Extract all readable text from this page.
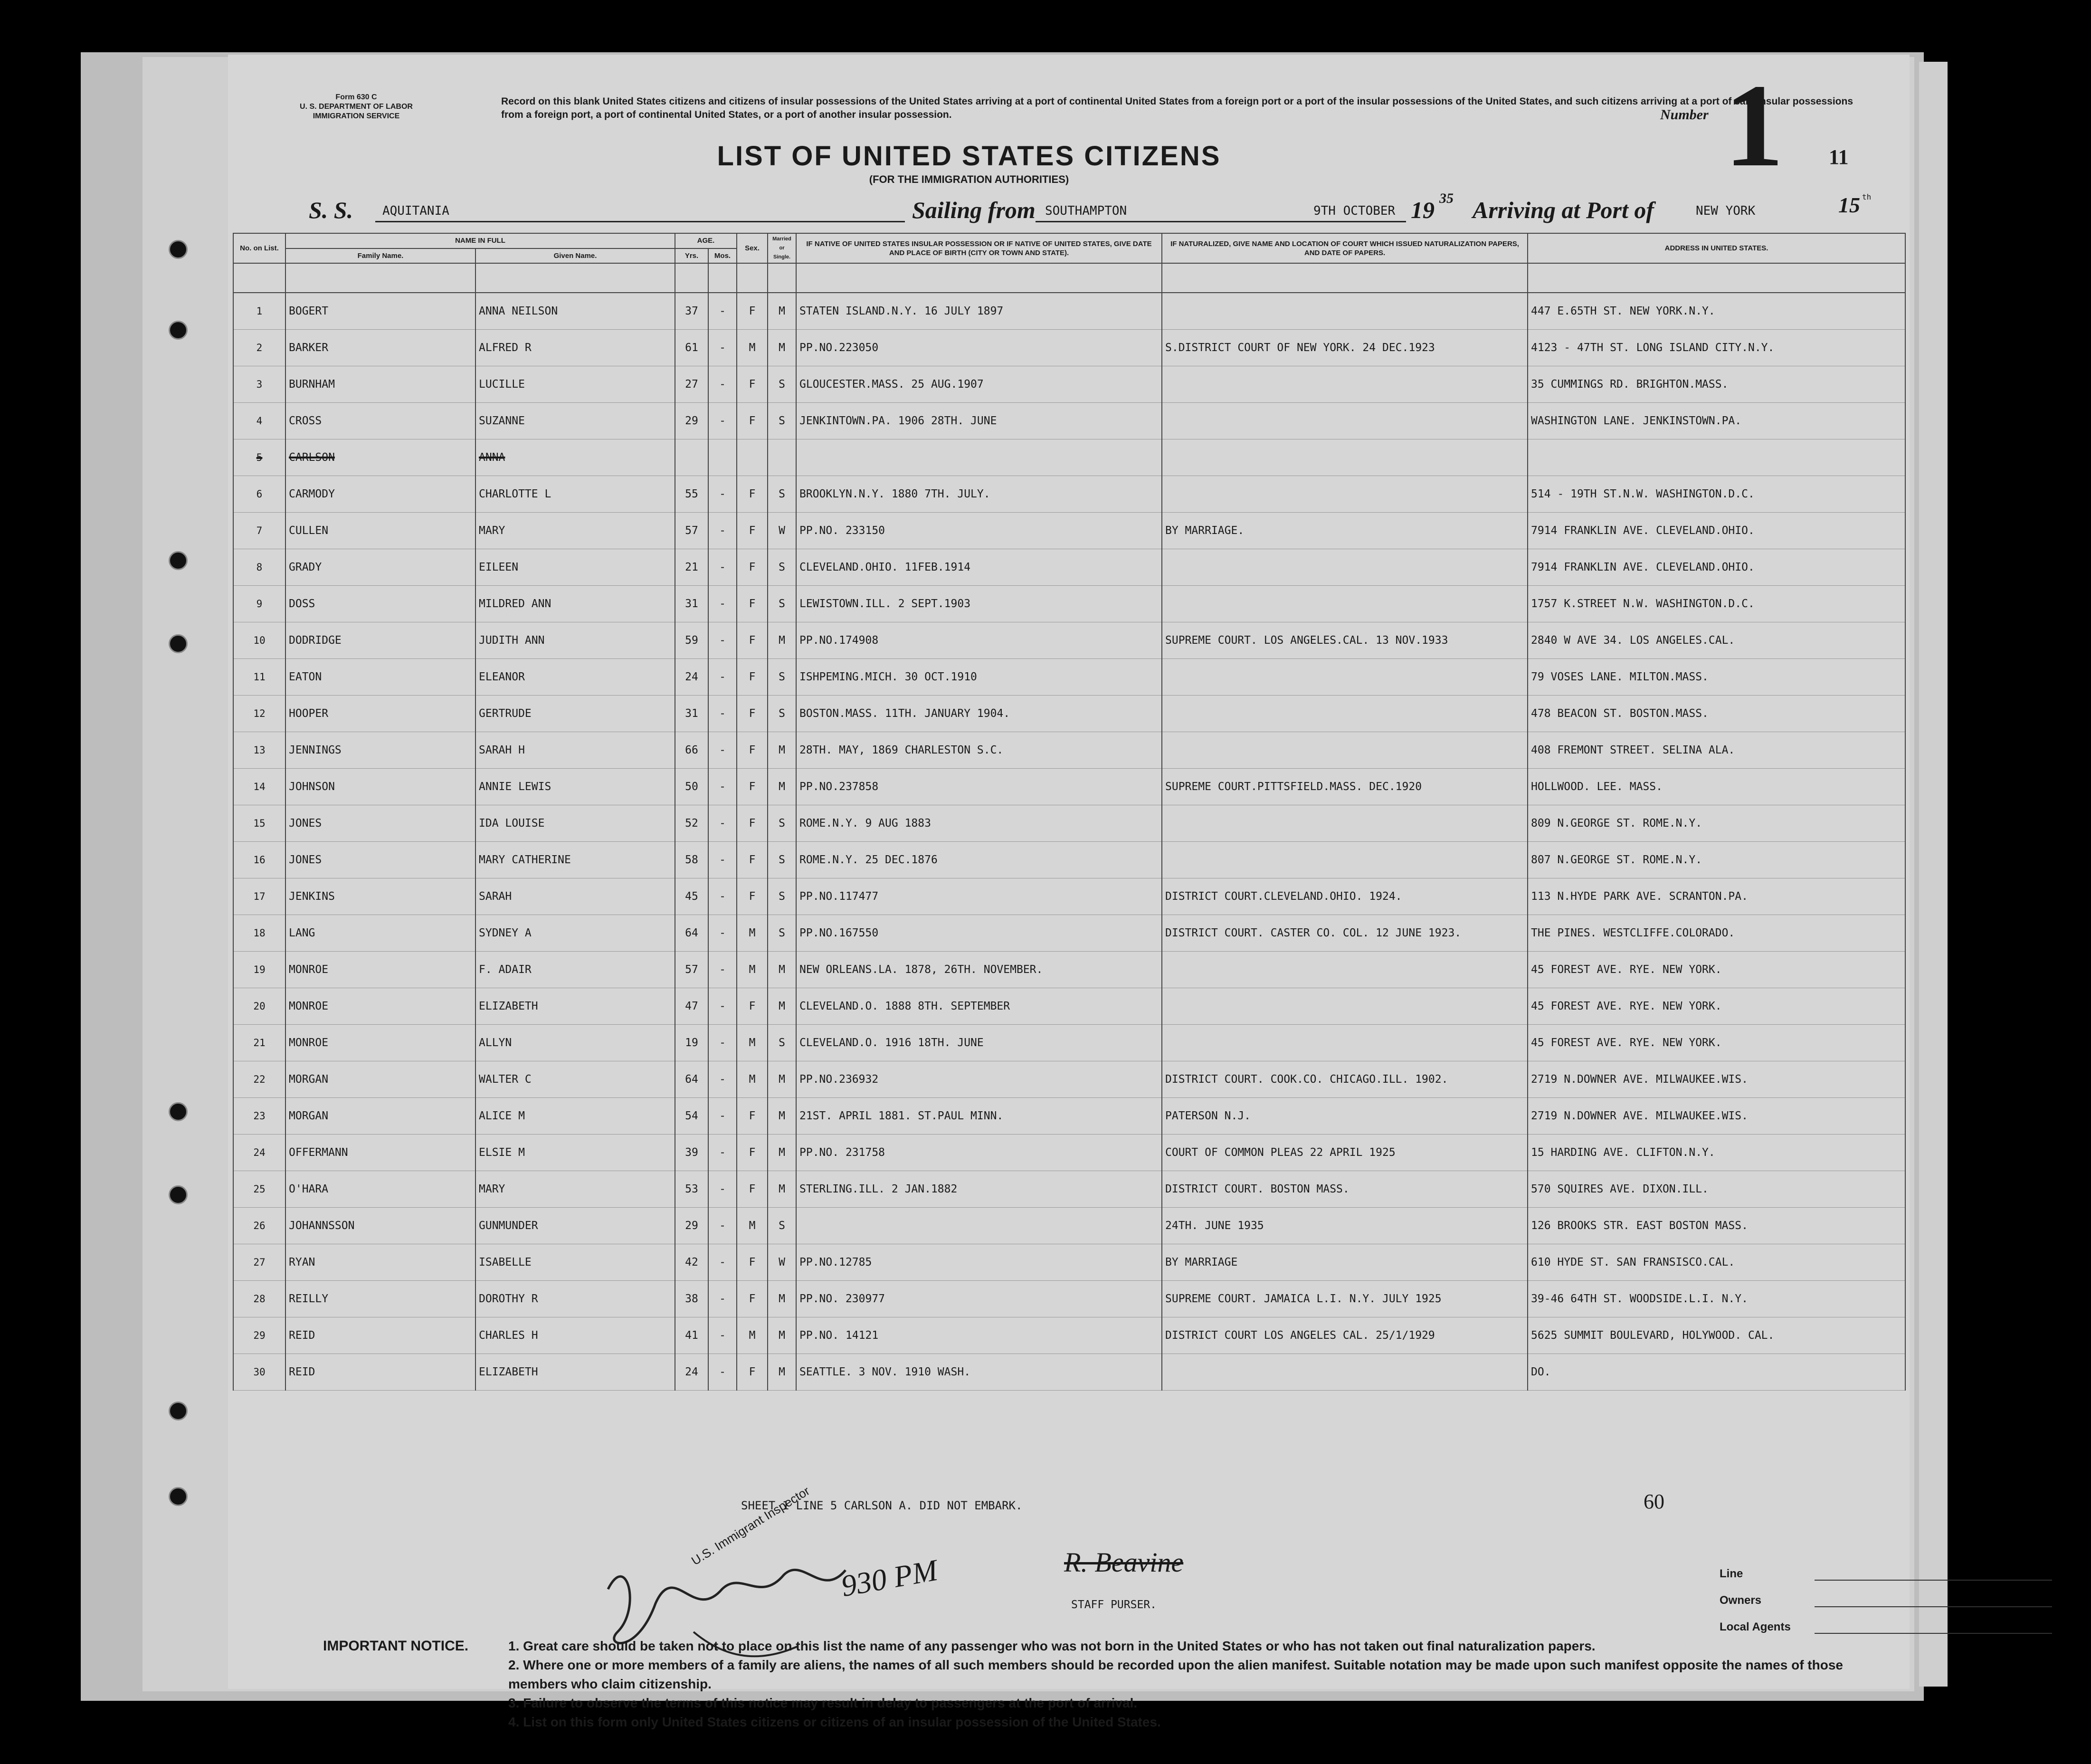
Form 630 C
U. S. DEPARTMENT OF LABOR
IMMIGRATION SERVICE
Record on this blank United States citizens and citizens of insular possessions of the United States arriving at a port of continental United States from a foreign port or a port of the insular possessions of the United States, and such citizens arriving at a port of said insular possessions from a foreign port, a port of continental United States, or a port of another insular possession.	Number 1 11
LIST OF UNITED STATES CITIZENS
(FOR THE IMMIGRATION AUTHORITIES)
S. S. AQUITANIA	Sailing from SOUTHAMPTON	9TH OCTOBER 19 35 Arriving at Port of	NEW YORK	15 th
No. on List.	NAME IN FULL		AGE.		Sex.	Married or Single.	IF NATIVE OF UNITED STATES INSULAR POSSESSION OR IF NATIVE OF UNITED STATES, GIVE DATE AND PLACE OF BIRTH (CITY OR TOWN AND STATE).	IF NATURALIZED, GIVE NAME AND LOCATION OF COURT WHICH ISSUED NATURALIZATION PAPERS, AND DATE OF PAPERS.	ADDRESS IN UNITED STATES.
	Family Name.	Given Name.	Yrs.	Mos.					

1	BOGERT	ANNA NEILSON	37	-	F	M	STATEN ISLAND.N.Y. 16 JULY 1897		447 E.65TH ST. NEW YORK.N.Y.
2	BARKER	ALFRED R	61	-	M	M	PP.NO.223050	S.DISTRICT COURT OF NEW YORK. 24 DEC.1923	4123 - 47TH ST. LONG ISLAND CITY.N.Y.
3	BURNHAM	LUCILLE	27	-	F	S	GLOUCESTER.MASS. 25 AUG.1907		35 CUMMINGS RD. BRIGHTON.MASS.
4	CROSS	SUZANNE	29	-	F	S	JENKINTOWN.PA. 1906 28TH. JUNE		WASHINGTON LANE. JENKINSTOWN.PA.
5	CARLSON	ANNA							
6	CARMODY	CHARLOTTE L	55	-	F	S	BROOKLYN.N.Y. 1880 7TH. JULY.		514 - 19TH ST.N.W. WASHINGTON.D.C.
7	CULLEN	MARY	57	-	F	W	PP.NO. 233150	BY MARRIAGE.	7914 FRANKLIN AVE. CLEVELAND.OHIO.
8	GRADY	EILEEN	21	-	F	S	CLEVELAND.OHIO. 11FEB.1914		7914 FRANKLIN AVE. CLEVELAND.OHIO.
9	DOSS	MILDRED ANN	31	-	F	S	LEWISTOWN.ILL. 2 SEPT.1903		1757 K.STREET N.W. WASHINGTON.D.C.
10	DODRIDGE	JUDITH ANN	59	-	F	M	PP.NO.174908	SUPREME COURT. LOS ANGELES.CAL. 13 NOV.1933	2840 W AVE 34. LOS ANGELES.CAL.
11	EATON	ELEANOR	24	-	F	S	ISHPEMING.MICH. 30 OCT.1910		79 VOSES LANE. MILTON.MASS.
12	HOOPER	GERTRUDE	31	-	F	S	BOSTON.MASS. 11TH. JANUARY 1904.		478 BEACON ST. BOSTON.MASS.
13	JENNINGS	SARAH H	66	-	F	M	28TH. MAY, 1869 CHARLESTON S.C.		408 FREMONT STREET. SELINA ALA.
14	JOHNSON	ANNIE LEWIS	50	-	F	M	PP.NO.237858	SUPREME COURT.PITTSFIELD.MASS. DEC.1920	HOLLWOOD. LEE. MASS.
15	JONES	IDA LOUISE	52	-	F	S	ROME.N.Y. 9 AUG 1883		809 N.GEORGE ST. ROME.N.Y.
16	JONES	MARY CATHERINE	58	-	F	S	ROME.N.Y. 25 DEC.1876		807 N.GEORGE ST. ROME.N.Y.
17	JENKINS	SARAH	45	-	F	S	PP.NO.117477	DISTRICT COURT.CLEVELAND.OHIO. 1924.	113 N.HYDE PARK AVE. SCRANTON.PA.
18	LANG	SYDNEY A	64	-	M	S	PP.NO.167550	DISTRICT COURT. CASTER CO. COL. 12 JUNE 1923.	THE PINES. WESTCLIFFE.COLORADO.
19	MONROE	F. ADAIR	57	-	M	M	NEW ORLEANS.LA. 1878, 26TH. NOVEMBER.		45 FOREST AVE. RYE. NEW YORK.
20	MONROE	ELIZABETH	47	-	F	M	CLEVELAND.O. 1888 8TH. SEPTEMBER		45 FOREST AVE. RYE. NEW YORK.
21	MONROE	ALLYN	19	-	M	S	CLEVELAND.O. 1916 18TH. JUNE		45 FOREST AVE. RYE. NEW YORK.
22	MORGAN	WALTER C	64	-	M	M	PP.NO.236932	DISTRICT COURT. COOK.CO. CHICAGO.ILL. 1902.	2719 N.DOWNER AVE. MILWAUKEE.WIS.
23	MORGAN	ALICE M	54	-	F	M	21ST. APRIL 1881. ST.PAUL MINN.	PATERSON N.J.	2719 N.DOWNER AVE. MILWAUKEE.WIS.
24	OFFERMANN	ELSIE M	39	-	F	M	PP.NO. 231758	COURT OF COMMON PLEAS 22 APRIL 1925	15 HARDING AVE. CLIFTON.N.Y.
25	O'HARA	MARY	53	-	F	M	STERLING.ILL. 2 JAN.1882	DISTRICT COURT. BOSTON MASS.	570 SQUIRES AVE. DIXON.ILL.
26	JOHANNSSON	GUNMUNDER	29	-	M	S		24TH. JUNE 1935	126 BROOKS STR. EAST BOSTON MASS.
27	RYAN	ISABELLE	42	-	F	W	PP.NO.12785	BY MARRIAGE	610 HYDE ST. SAN FRANSISCO.CAL.
28	REILLY	DOROTHY R	38	-	F	M	PP.NO. 230977	SUPREME COURT. JAMAICA L.I. N.Y. JULY 1925	39-46 64TH ST. WOODSIDE.L.I. N.Y.
29	REID	CHARLES H	41	-	M	M	PP.NO. 14121	DISTRICT COURT LOS ANGELES CAL. 25/1/1929	5625 SUMMIT BOULEVARD, HOLYWOOD. CAL.
30	REID	ELIZABETH	24	-	F	M	SEATTLE. 3 NOV. 1910 WASH.		DO.
SHEET 1 LINE 5 CARLSON A. DID NOT EMBARK.	60
U.S. Immigrant Inspector
930 PM	R. Beavine
STAFF PURSER.
Line
Owners
Local Agents
IMPORTANT NOTICE.	1. Great care should be taken not to place on this list the name of any passenger who was not born in the United States or who has not taken out final naturalization papers.
2. Where one or more members of a family are aliens, the names of all such members should be recorded upon the alien manifest. Suitable notation may be made upon such manifest opposite the names of those members who claim citizenship.
3. Failure to observe the terms of this notice may result in delay to passengers at the port of arrival.
4. List on this form only United States citizens or citizens of an insular possession of the United States.
